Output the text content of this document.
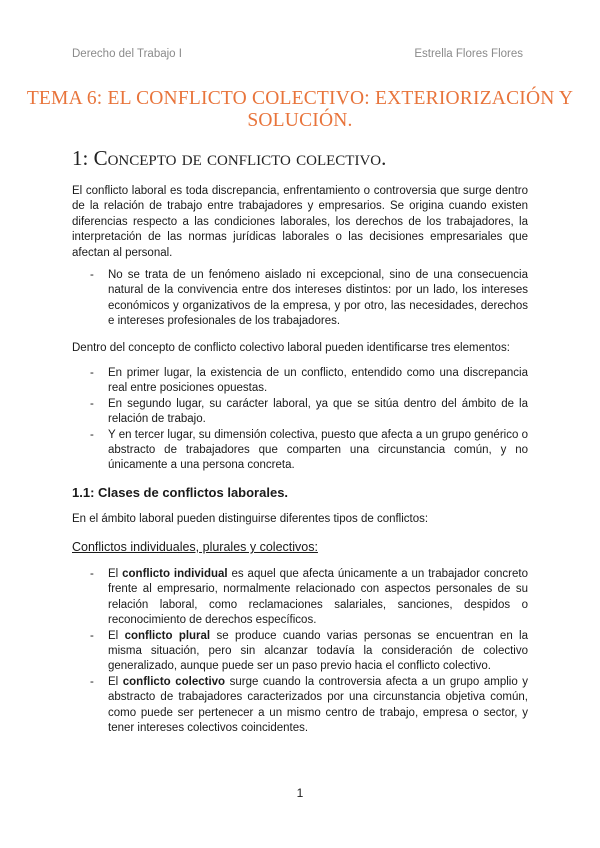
Derecho del Trabajo I	Estrella Flores Flores
TEMA 6: EL CONFLICTO COLECTIVO: EXTERIORIZACIÓN Y SOLUCIÓN.
1: Concepto de conflicto colectivo.
El conflicto laboral es toda discrepancia, enfrentamiento o controversia que surge dentro de la relación de trabajo entre trabajadores y empresarios. Se origina cuando existen diferencias respecto a las condiciones laborales, los derechos de los trabajadores, la interpretación de las normas jurídicas laborales o las decisiones empresariales que afectan al personal.
- No se trata de un fenómeno aislado ni excepcional, sino de una consecuencia natural de la convivencia entre dos intereses distintos: por un lado, los intereses económicos y organizativos de la empresa, y por otro, las necesidades, derechos e intereses profesionales de los trabajadores.
Dentro del concepto de conflicto colectivo laboral pueden identificarse tres elementos:
- En primer lugar, la existencia de un conflicto, entendido como una discrepancia real entre posiciones opuestas.
- En segundo lugar, su carácter laboral, ya que se sitúa dentro del ámbito de la relación de trabajo.
- Y en tercer lugar, su dimensión colectiva, puesto que afecta a un grupo genérico o abstracto de trabajadores que comparten una circunstancia común, y no únicamente a una persona concreta.
1.1: Clases de conflictos laborales.
En el ámbito laboral pueden distinguirse diferentes tipos de conflictos:
Conflictos individuales, plurales y colectivos:
- El conflicto individual es aquel que afecta únicamente a un trabajador concreto frente al empresario, normalmente relacionado con aspectos personales de su relación laboral, como reclamaciones salariales, sanciones, despidos o reconocimiento de derechos específicos.
- El conflicto plural se produce cuando varias personas se encuentran en la misma situación, pero sin alcanzar todavía la consideración de colectivo generalizado, aunque puede ser un paso previo hacia el conflicto colectivo.
- El conflicto colectivo surge cuando la controversia afecta a un grupo amplio y abstracto de trabajadores caracterizados por una circunstancia objetiva común, como puede ser pertenecer a un mismo centro de trabajo, empresa o sector, y tener intereses colectivos coincidentes.
1
